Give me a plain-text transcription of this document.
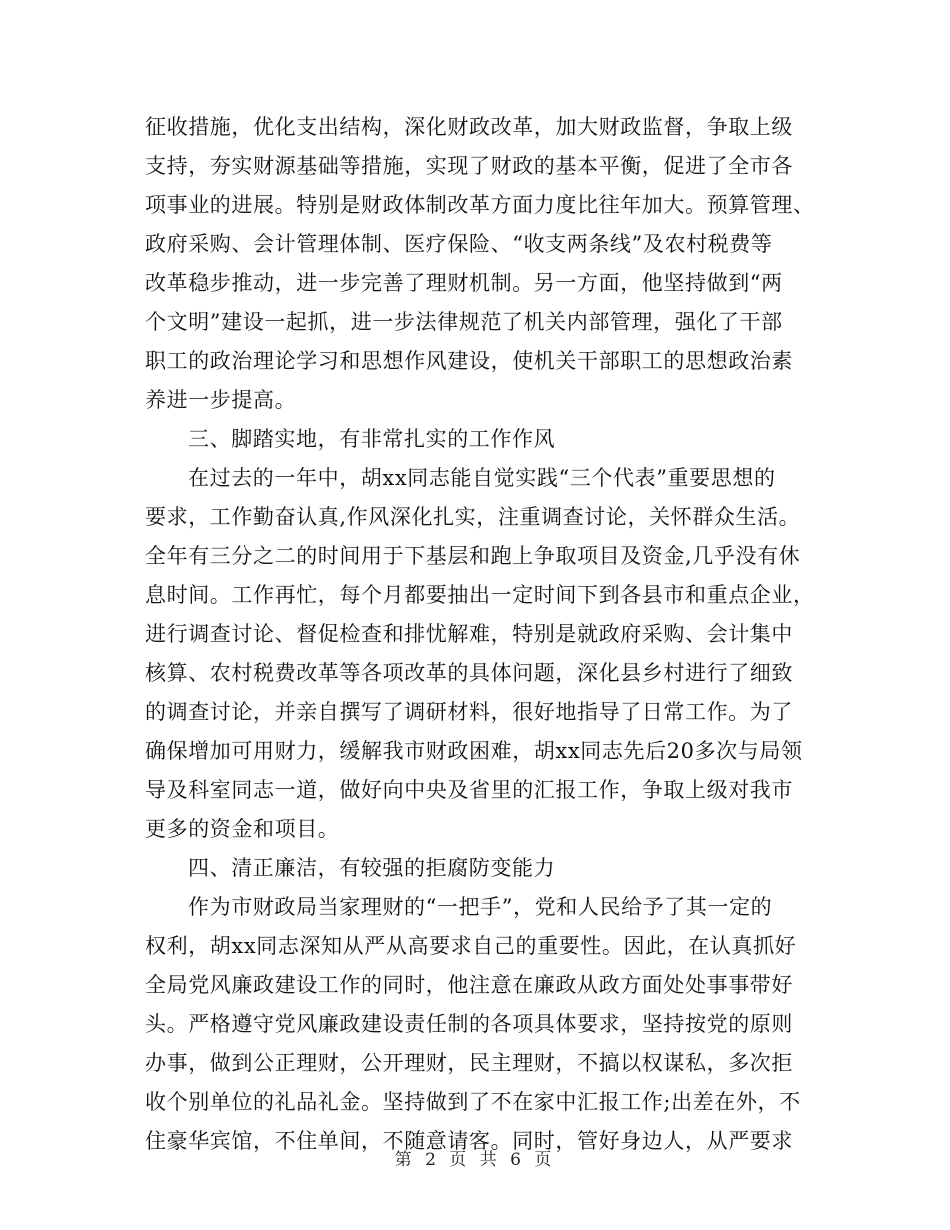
征收措施，优化支出结构，深化财政改革，加大财政监督，争取上级
支持，夯实财源基础等措施，实现了财政的基本平衡，促进了全市各
项事业的进展。特别是财政体制改革方面力度比往年加大。预算管理、
政府采购、会计管理体制、医疗保险、“收支两条线”及农村税费等
改革稳步推动，进一步完善了理财机制。另一方面，他坚持做到“两
个文明”建设一起抓，进一步法律规范了机关内部管理，强化了干部
职工的政治理论学习和思想作风建设，使机关干部职工的思想政治素
养进一步提高。
三、脚踏实地，有非常扎实的工作作风
在过去的一年中，胡xx同志能自觉实践“三个代表”重要思想的
要求，工作勤奋认真,作风深化扎实，注重调查讨论，关怀群众生活。
全年有三分之二的时间用于下基层和跑上争取项目及资金,几乎没有休
息时间。工作再忙，每个月都要抽出一定时间下到各县市和重点企业，
进行调查讨论、督促检查和排忧解难，特别是就政府采购、会计集中
核算、农村税费改革等各项改革的具体问题，深化县乡村进行了细致
的调查讨论，并亲自撰写了调研材料，很好地指导了日常工作。为了
确保增加可用财力，缓解我市财政困难，胡xx同志先后20多次与局领
导及科室同志一道，做好向中央及省里的汇报工作，争取上级对我市
更多的资金和项目。
四、清正廉洁，有较强的拒腐防变能力
作为市财政局当家理财的“一把手”，党和人民给予了其一定的
权利，胡xx同志深知从严从高要求自己的重要性。因此，在认真抓好
全局党风廉政建设工作的同时，他注意在廉政从政方面处处事事带好
头。严格遵守党风廉政建设责任制的各项具体要求，坚持按党的原则
办事，做到公正理财，公开理财，民主理财，不搞以权谋私，多次拒
收个别单位的礼品礼金。坚持做到了不在家中汇报工作;出差在外，不
住豪华宾馆，不住单间，不随意请客。同时，管好身边人，从严要求
第 2 页 共 6 页
